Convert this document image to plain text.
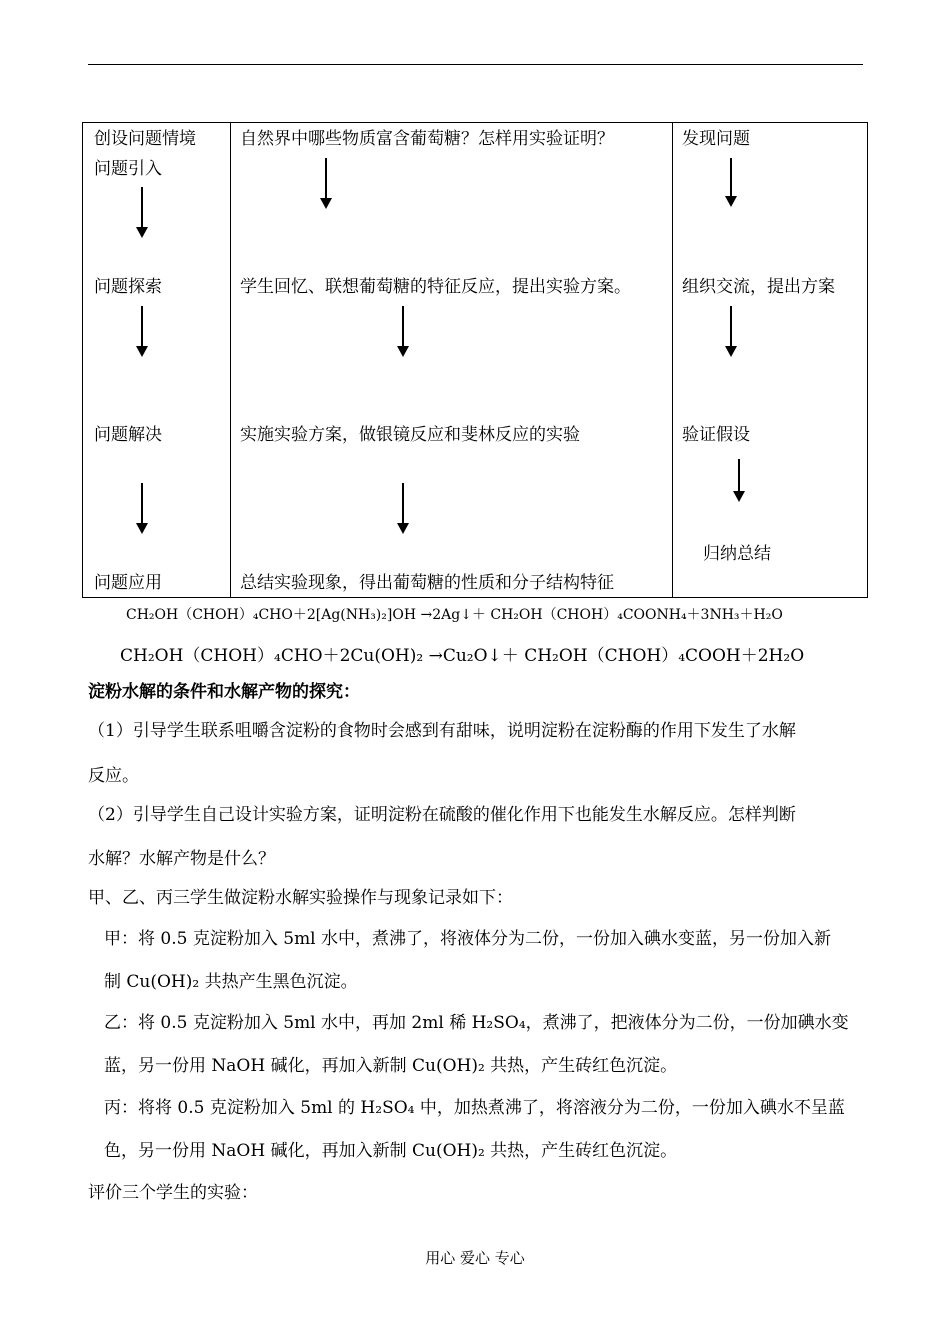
创设问题情境
问题引入
问题探索
问题解决
问题应用
自然界中哪些物质富含葡萄糖？怎样用实验证明？
学生回忆、联想葡萄糖的特征反应，提出实验方案。
实施实验方案，做银镜反应和斐林反应的实验
总结实验现象，得出葡萄糖的性质和分子结构特征
发现问题
组织交流，提出方案
验证假设
归纳总结
CH₂OH（CHOH）₄CHO＋2[Ag(NH₃)₂]OH →2Ag↓＋ CH₂OH（CHOH）₄COONH₄＋3NH₃＋H₂O
CH₂OH（CHOH）₄CHO＋2Cu(OH)₂ →Cu₂O↓＋ CH₂OH（CHOH）₄COOH＋2H₂O
淀粉水解的条件和水解产物的探究：
（1）引导学生联系咀嚼含淀粉的食物时会感到有甜味，说明淀粉在淀粉酶的作用下发生了水解
反应。
（2）引导学生自己设计实验方案，证明淀粉在硫酸的催化作用下也能发生水解反应。怎样判断
水解？水解产物是什么？
甲、乙、丙三学生做淀粉水解实验操作与现象记录如下：
甲：将 0.5 克淀粉加入 5ml 水中，煮沸了，将液体分为二份，一份加入碘水变蓝，另一份加入新
制 Cu(OH)₂ 共热产生黑色沉淀。
乙：将 0.5 克淀粉加入 5ml 水中，再加 2ml 稀 H₂SO₄，煮沸了，把液体分为二份，一份加碘水变
蓝，另一份用 NaOH 碱化，再加入新制 Cu(OH)₂ 共热，产生砖红色沉淀。
丙：将将 0.5 克淀粉加入 5ml 的 H₂SO₄ 中，加热煮沸了，将溶液分为二份，一份加入碘水不呈蓝
色，另一份用 NaOH 碱化，再加入新制 Cu(OH)₂ 共热，产生砖红色沉淀。
评价三个学生的实验：
用心 爱心 专心
